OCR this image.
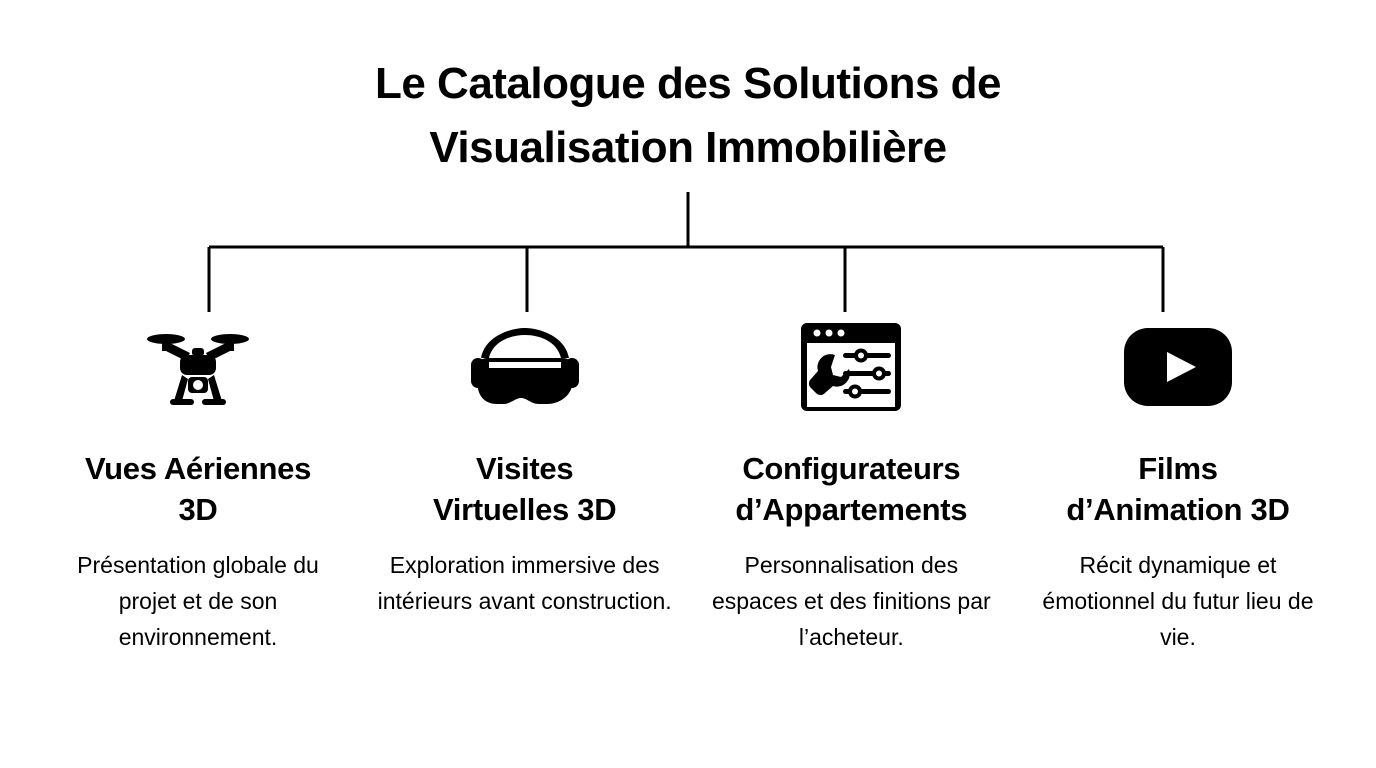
Le Catalogue des Solutions de
Visualisation Immobilière
Vues Aériennes
3D
Présentation globale du projet et de son environnement.
Visites
Virtuelles 3D
Exploration immersive des intérieurs avant construction.
Configurateurs
d’Appartements
Personnalisation des espaces et des finitions par l’acheteur.
Films
d’Animation 3D
Récit dynamique et émotionnel du futur lieu de vie.
